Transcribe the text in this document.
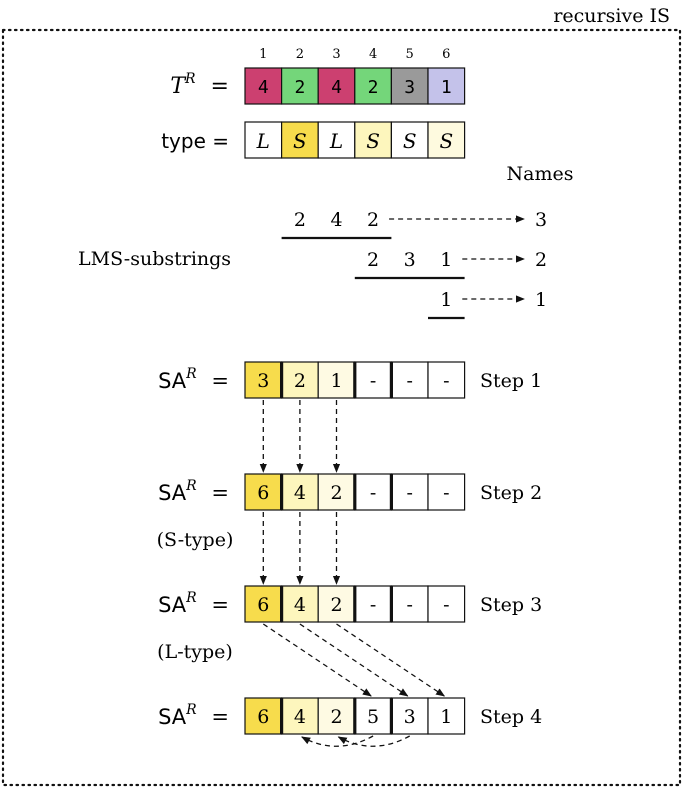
recursive IS
1 2 3 4 5 6
$T^R = 4$ 2 4 2 3 1
type = L S L S S S
Names
LMS-substrings
2 4 2	3
2 3 1	2
1	1
$SA^R = 3$ 2 1 - - - Step 1
$SA^R = 6$ 4 2 - - - Step 2
$SA^R = 6$ 4 2 - - - Step 3
$SA^R = 6$ 4 2 5 3 1 Step 4
(S-type)
(L-type)
